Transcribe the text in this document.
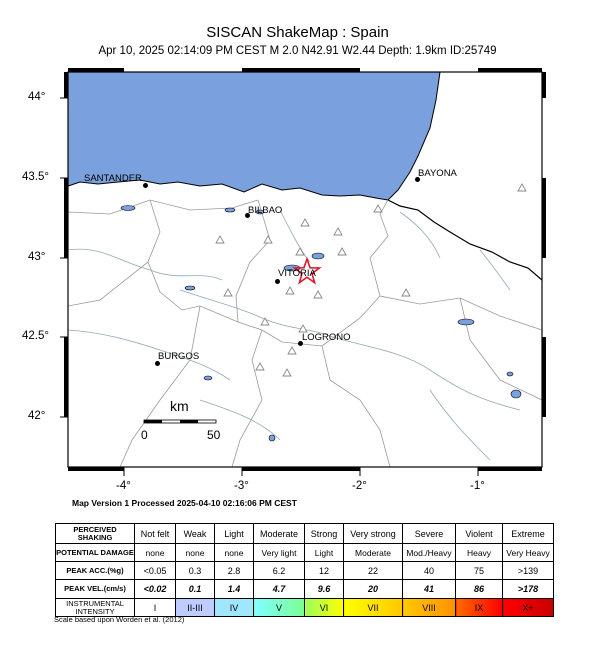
SISCAN ShakeMap : Spain
Apr 10, 2025 02:14:09 PM CEST M 2.0 N42.91 W2.44 Depth: 1.9km ID:25749
44°
43.5°
43°
42.5°
42°
-4°	-3°	-2°	-1°
SANTANDER
BILBAO
BAYONA
VITORIA
LOGRONO
BURGOS
km
0	50
Map Version 1 Processed 2025-04-10 02:16:06 PM CEST
PERCEIVED SHAKING	Not felt	Weak	Light	Moderate	Strong	Very strong	Severe	Violent	Extreme
POTENTIAL DAMAGE	none	none	none	Very light	Light	Moderate	Mod./Heavy	Heavy	Very Heavy
PEAK ACC.(%g)	<0.05	0.3	2.8	6.2	12	22	40	75	>139
PEAK VEL.(cm/s)	<0.02	0.1	1.4	4.7	9.6	20	41	86	>178
INSTRUMENTAL INTENSITY	I	II-III	IV	V	VI	VII	VIII	IX	X+
Scale based upon Worden et al. (2012)
